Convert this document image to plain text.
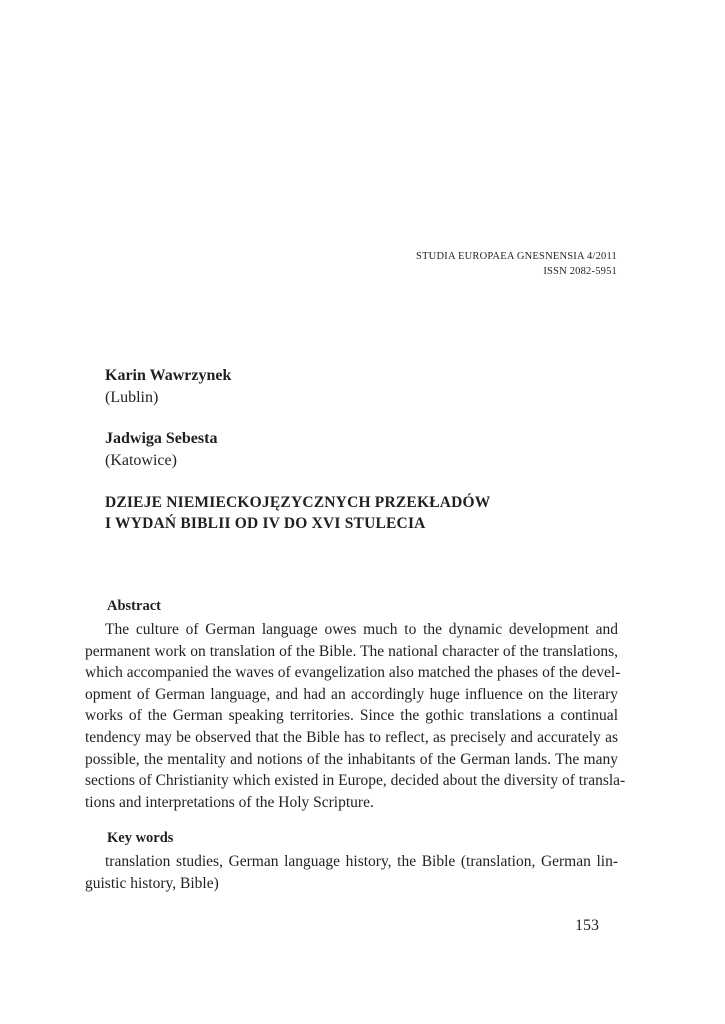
STUDIA EUROPAEA GNESNENSIA 4/2011
ISSN 2082-5951
Karin Wawrzynek
(Lublin)
Jadwiga Sebesta
(Katowice)
DZIEJE NIEMIECKOJĘZYCZNYCH PRZEKŁADÓW
I WYDAŃ BIBLII OD IV DO XVI STULECIA
Abstract
The culture of German language owes much to the dynamic development and
permanent work on translation of the Bible. The national character of the translations,
which accompanied the waves of evangelization also matched the phases of the devel-
opment of German language, and had an accordingly huge influence on the literary
works of the German speaking territories. Since the gothic translations a continual
tendency may be observed that the Bible has to reflect, as precisely and accurately as
possible, the mentality and notions of the inhabitants of the German lands. The many
sections of Christianity which existed in Europe, decided about the diversity of transla-
tions and interpretations of the Holy Scripture.
Key words
translation studies, German language history, the Bible (translation, German lin-
guistic history, Bible)
153
